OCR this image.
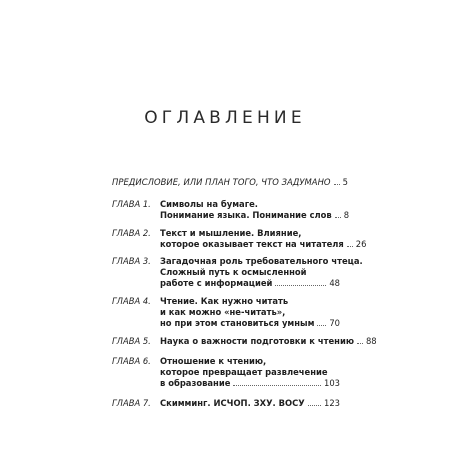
ОГЛАВЛЕНИЕ
ПРЕДИСЛОВИЕ, ИЛИ ПЛАН ТОГО, ЧТО ЗАДУМАНО 5
ГЛАВА 1.	Символы на бумаге.
Понимание языка. Понимание слов 8
ГЛАВА 2.	Текст и мышление. Влияние,
которое оказывает текст на читателя 26
ГЛАВА 3.	Загадочная роль требовательного чтеца.
Сложный путь к осмысленной
работе с информацией	48
ГЛАВА 4.	Чтение. Как нужно читать
и как можно «не-читать»,
но при этом становиться умным 70
ГЛАВА 5.	Наука о важности подготовки к чтению 88
ГЛАВА 6.	Отношение к чтению,
которое превращает развлечение
в образование	103
ГЛАВА 7.	Скимминг. ИСЧОП. ЗХУ. ВОСУ 123
